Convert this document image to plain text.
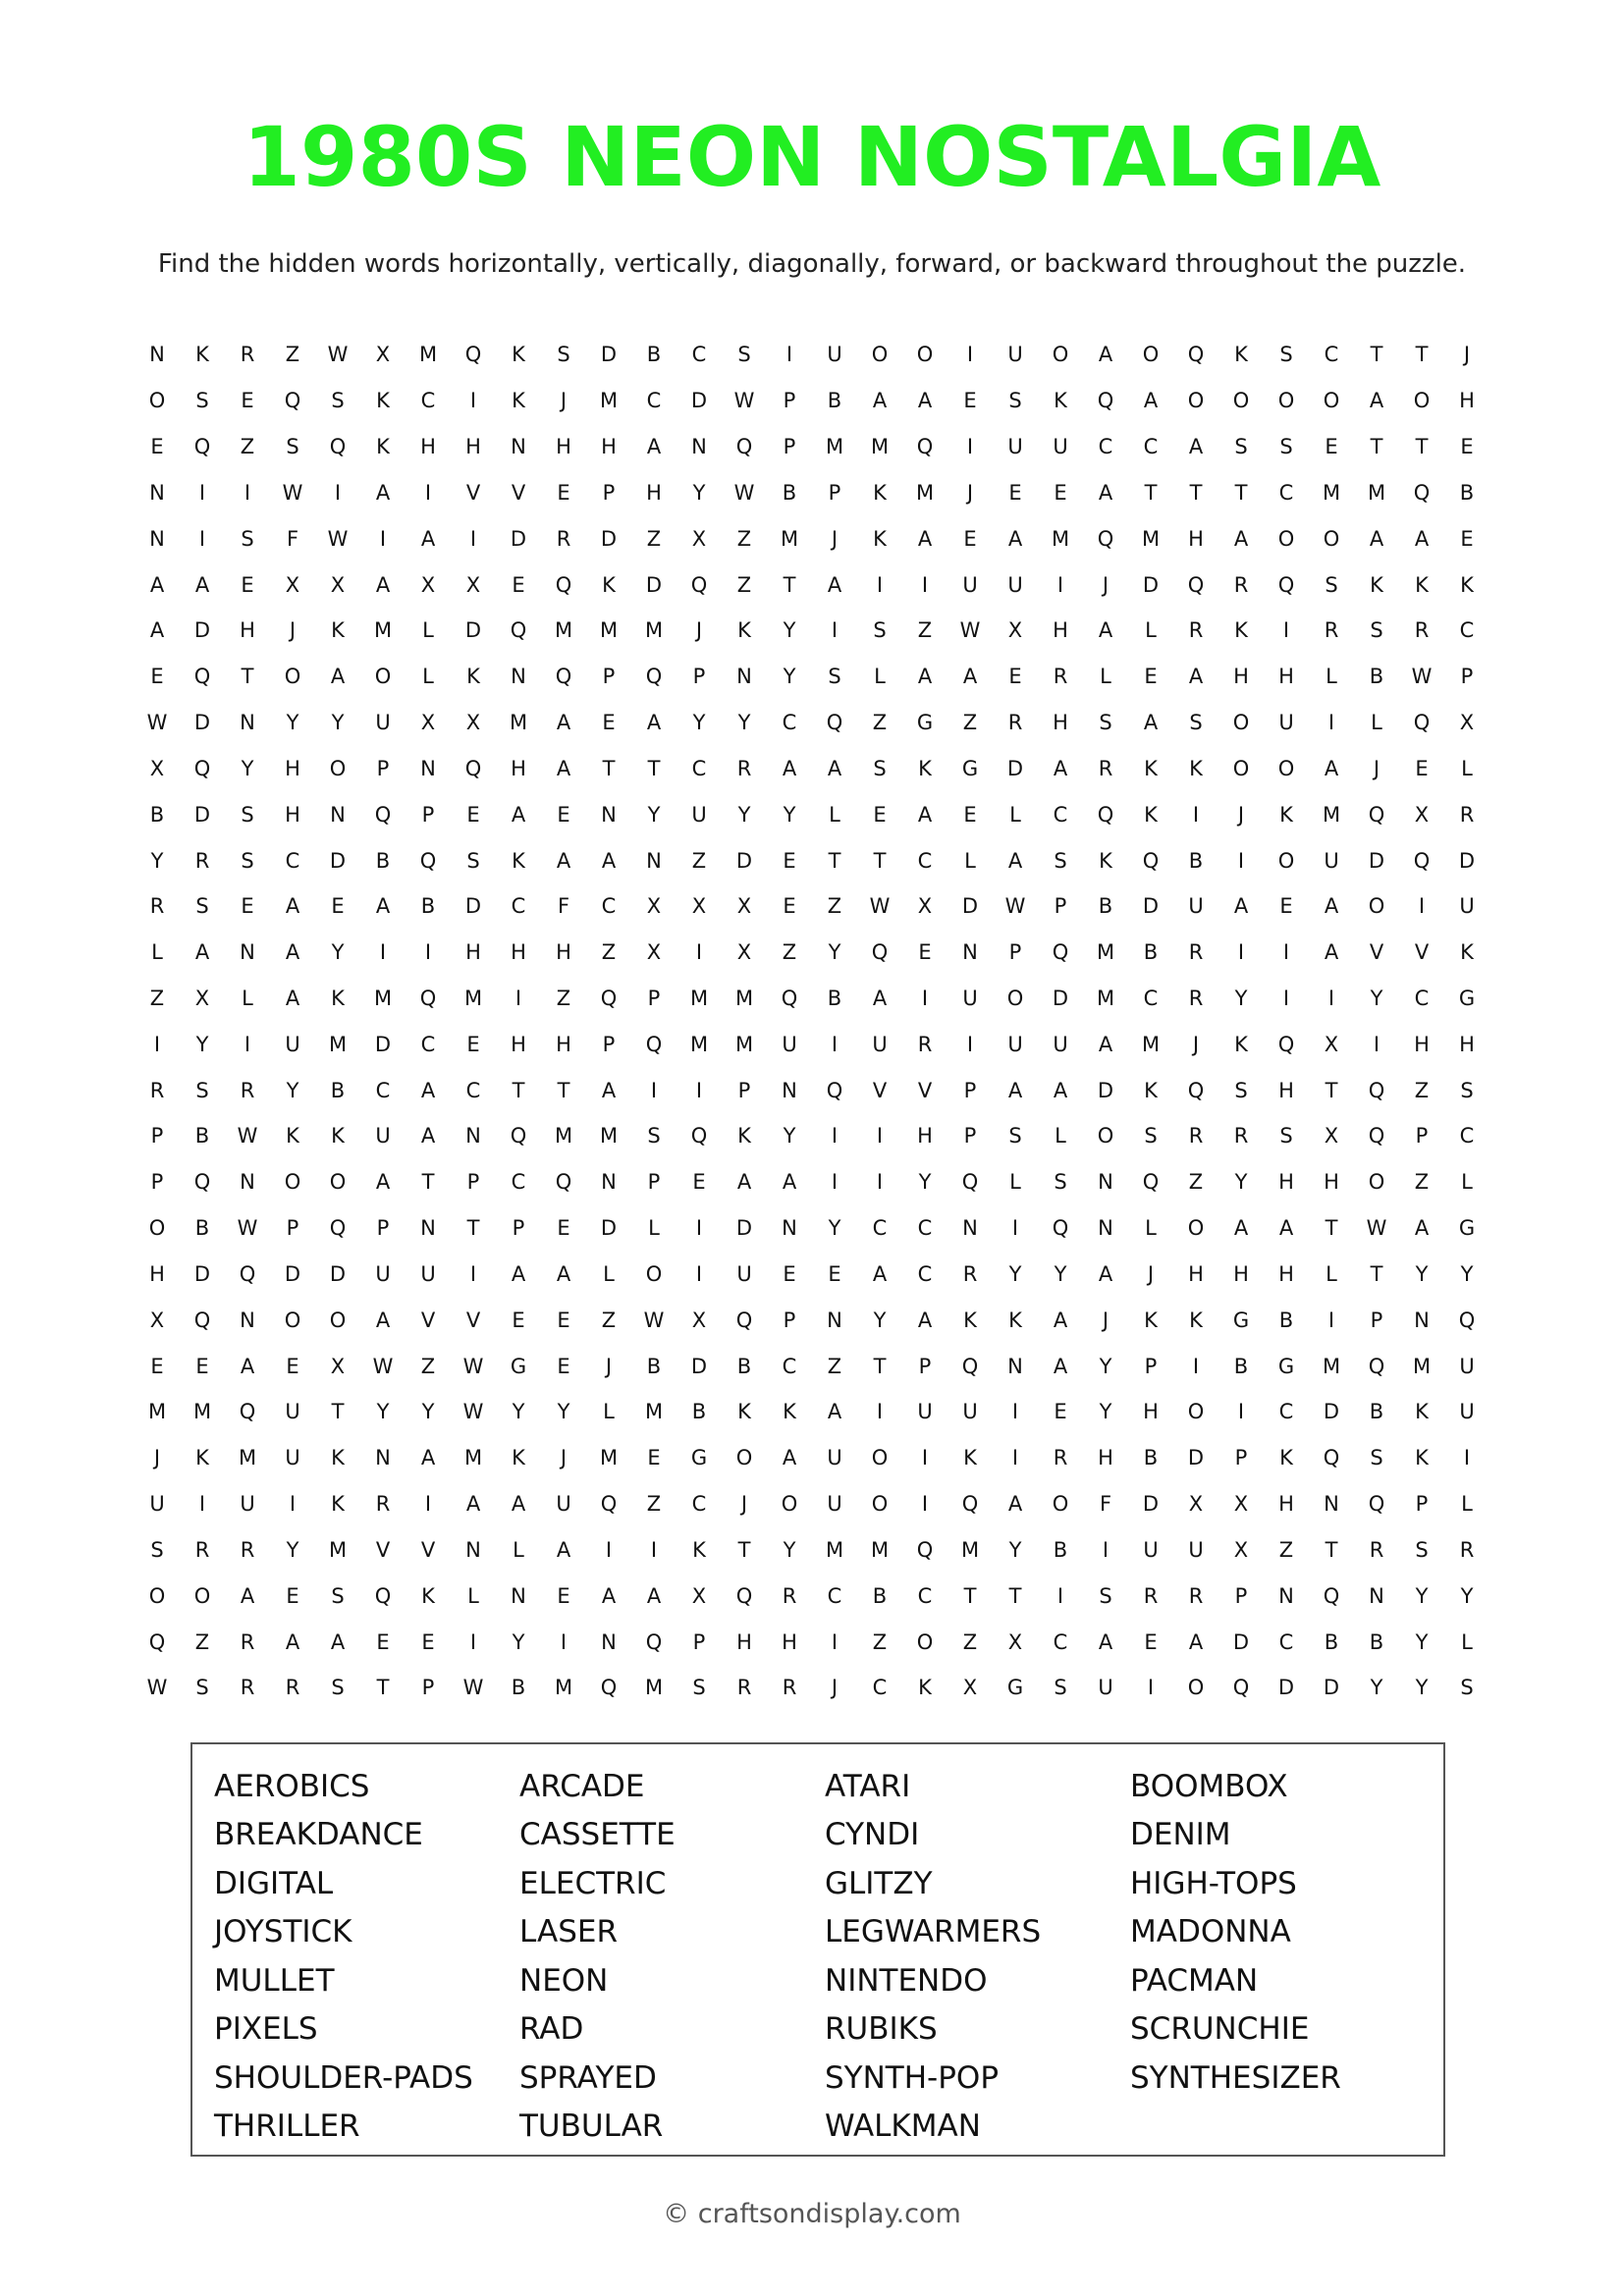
1980S NEON NOSTALGIA
Find the hidden words horizontally, vertically, diagonally, forward, or backward throughout the puzzle.
N	K	R	Z	W	X	M	Q	K	S	D	B	C	S	I	U	O	O	I	U	O	A	O	Q	K	S	C	T	T	J
O	S	E	Q	S	K	C	I	K	J	M	C	D	W	P	B	A	A	E	S	K	Q	A	O	O	O	O	A	O	H
E	Q	Z	S	Q	K	H	H	N	H	H	A	N	Q	P	M	M	Q	I	U	U	C	C	A	S	S	E	T	T	E
N	I	I	W	I	A	I	V	V	E	P	H	Y	W	B	P	K	M	J	E	E	A	T	T	T	C	M	M	Q	B
N	I	S	F	W	I	A	I	D	R	D	Z	X	Z	M	J	K	A	E	A	M	Q	M	H	A	O	O	A	A	E
A	A	E	X	X	A	X	X	E	Q	K	D	Q	Z	T	A	I	I	U	U	I	J	D	Q	R	Q	S	K	K	K
A	D	H	J	K	M	L	D	Q	M	M	M	J	K	Y	I	S	Z	W	X	H	A	L	R	K	I	R	S	R	C
E	Q	T	O	A	O	L	K	N	Q	P	Q	P	N	Y	S	L	A	A	E	R	L	E	A	H	H	L	B	W	P
W	D	N	Y	Y	U	X	X	M	A	E	A	Y	Y	C	Q	Z	G	Z	R	H	S	A	S	O	U	I	L	Q	X
X	Q	Y	H	O	P	N	Q	H	A	T	T	C	R	A	A	S	K	G	D	A	R	K	K	O	O	A	J	E	L
B	D	S	H	N	Q	P	E	A	E	N	Y	U	Y	Y	L	E	A	E	L	C	Q	K	I	J	K	M	Q	X	R
Y	R	S	C	D	B	Q	S	K	A	A	N	Z	D	E	T	T	C	L	A	S	K	Q	B	I	O	U	D	Q	D
R	S	E	A	E	A	B	D	C	F	C	X	X	X	E	Z	W	X	D	W	P	B	D	U	A	E	A	O	I	U
L	A	N	A	Y	I	I	H	H	H	Z	X	I	X	Z	Y	Q	E	N	P	Q	M	B	R	I	I	A	V	V	K
Z	X	L	A	K	M	Q	M	I	Z	Q	P	M	M	Q	B	A	I	U	O	D	M	C	R	Y	I	I	Y	C	G
I	Y	I	U	M	D	C	E	H	H	P	Q	M	M	U	I	U	R	I	U	U	A	M	J	K	Q	X	I	H	H
R	S	R	Y	B	C	A	C	T	T	A	I	I	P	N	Q	V	V	P	A	A	D	K	Q	S	H	T	Q	Z	S
P	B	W	K	K	U	A	N	Q	M	M	S	Q	K	Y	I	I	H	P	S	L	O	S	R	R	S	X	Q	P	C
P	Q	N	O	O	A	T	P	C	Q	N	P	E	A	A	I	I	Y	Q	L	S	N	Q	Z	Y	H	H	O	Z	L
O	B	W	P	Q	P	N	T	P	E	D	L	I	D	N	Y	C	C	N	I	Q	N	L	O	A	A	T	W	A	G
H	D	Q	D	D	U	U	I	A	A	L	O	I	U	E	E	A	C	R	Y	Y	A	J	H	H	H	L	T	Y	Y
X	Q	N	O	O	A	V	V	E	E	Z	W	X	Q	P	N	Y	A	K	K	A	J	K	K	G	B	I	P	N	Q
E	E	A	E	X	W	Z	W	G	E	J	B	D	B	C	Z	T	P	Q	N	A	Y	P	I	B	G	M	Q	M	U
M	M	Q	U	T	Y	Y	W	Y	Y	L	M	B	K	K	A	I	U	U	I	E	Y	H	O	I	C	D	B	K	U
J	K	M	U	K	N	A	M	K	J	M	E	G	O	A	U	O	I	K	I	R	H	B	D	P	K	Q	S	K	I
U	I	U	I	K	R	I	A	A	U	Q	Z	C	J	O	U	O	I	Q	A	O	F	D	X	X	H	N	Q	P	L
S	R	R	Y	M	V	V	N	L	A	I	I	K	T	Y	M	M	Q	M	Y	B	I	U	U	X	Z	T	R	S	R
O	O	A	E	S	Q	K	L	N	E	A	A	X	Q	R	C	B	C	T	T	I	S	R	R	P	N	Q	N	Y	Y
Q	Z	R	A	A	E	E	I	Y	I	N	Q	P	H	H	I	Z	O	Z	X	C	A	E	A	D	C	B	B	Y	L
W	S	R	R	S	T	P	W	B	M	Q	M	S	R	R	J	C	K	X	G	S	U	I	O	Q	D	D	Y	Y	S
AEROBICS	ARCADE	ATARI	BOOMBOX
BREAKDANCE	CASSETTE	CYNDI	DENIM
DIGITAL	ELECTRIC	GLITZY	HIGH-TOPS
JOYSTICK	LASER	LEGWARMERS	MADONNA
MULLET	NEON	NINTENDO	PACMAN
PIXELS	RAD	RUBIKS	SCRUNCHIE
SHOULDER-PADS	SPRAYED	SYNTH-POP	SYNTHESIZER
THRILLER	TUBULAR	WALKMAN
© craftsondisplay.com
